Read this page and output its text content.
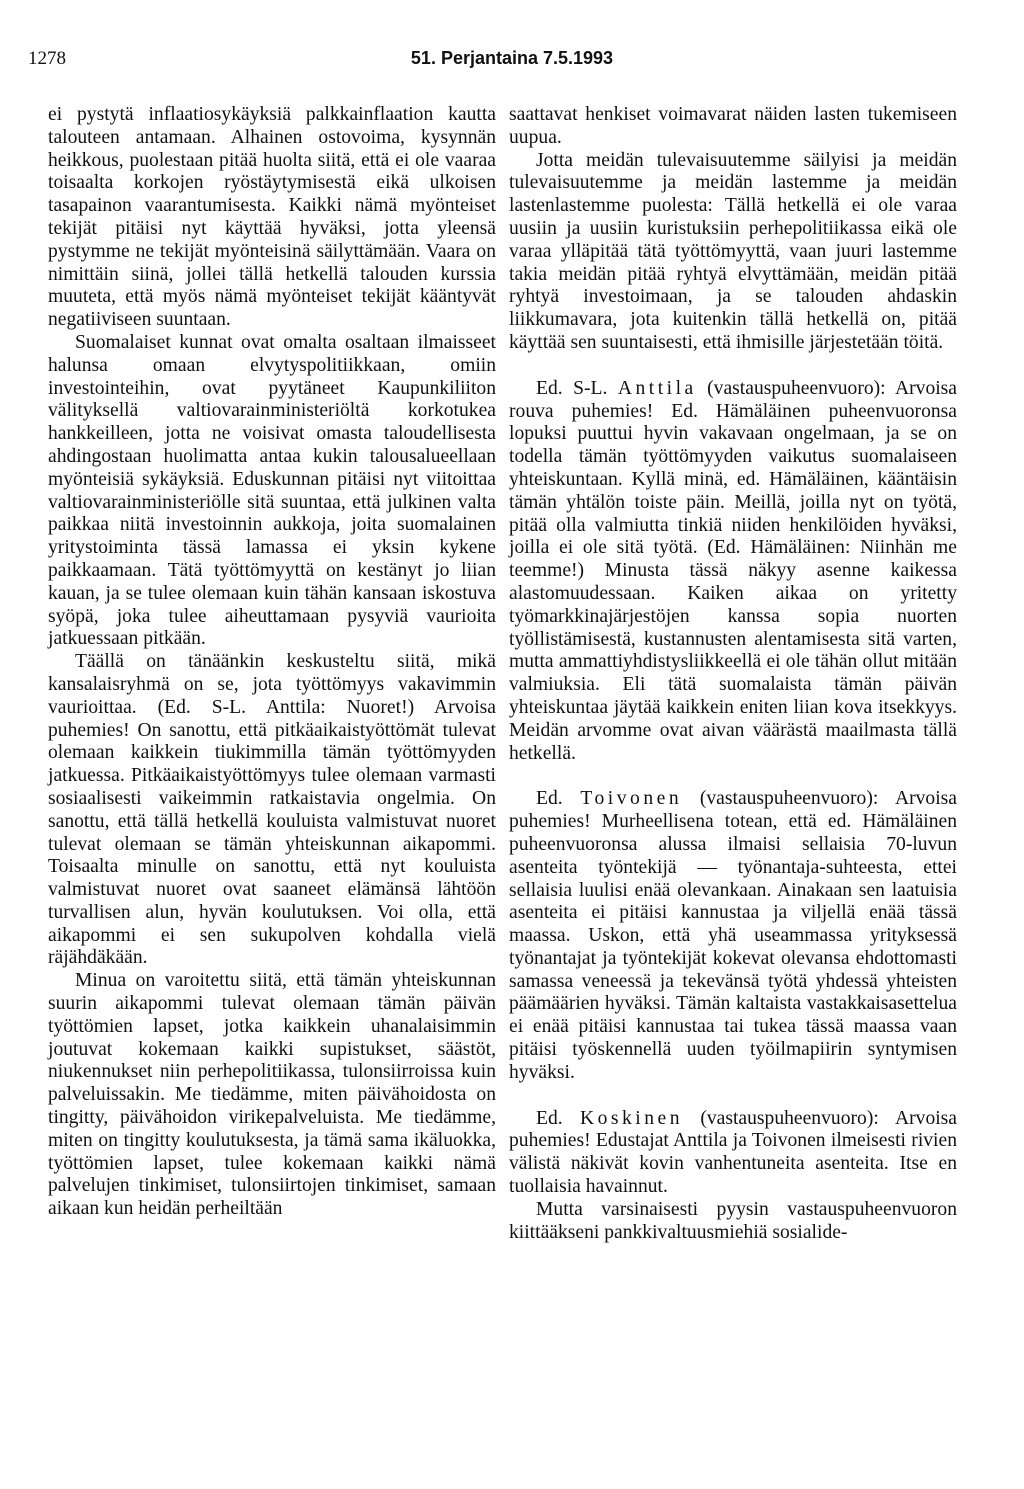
1278	51. Perjantaina 7.5.1993

ei pystytä inflaatiosykäyksiä palkkainflaation kautta talouteen antamaan. Alhainen ostovoima, kysynnän heikkous, puolestaan pitää huolta siitä, että ei ole vaaraa toisaalta korkojen ryöstäytymisestä eikä ulkoisen tasapainon vaarantumisesta. Kaikki nämä myönteiset tekijät pitäisi nyt käyttää hyväksi, jotta yleensä pystymme ne tekijät myönteisinä säilyttämään. Vaara on nimittäin siinä, jollei tällä hetkellä talouden kurssia muuteta, että myös nämä myönteiset tekijät kääntyvät negatiiviseen suuntaan.

Suomalaiset kunnat ovat omalta osaltaan ilmaisseet halunsa omaan elvytyspolitiikkaan, omiin investointeihin, ovat pyytäneet Kaupunkiliiton välityksellä valtiovarainministeriöltä korkotukea hankkeilleen, jotta ne voisivat omasta taloudellisesta ahdingostaan huolimatta antaa kukin talousalueellaan myönteisiä sykäyksiä. Eduskunnan pitäisi nyt viitoittaa valtiovarainministeriölle sitä suuntaa, että julkinen valta paikkaa niitä investoinnin aukkoja, joita suomalainen yritystoiminta tässä lamassa ei yksin kykene paikkaamaan. Tätä työttömyyttä on kestänyt jo liian kauan, ja se tulee olemaan kuin tähän kansaan iskostuva syöpä, joka tulee aiheuttamaan pysyviä vaurioita jatkuessaan pitkään.

Täällä on tänäänkin keskusteltu siitä, mikä kansalaisryhmä on se, jota työttömyys vakavimmin vaurioittaa. (Ed. S-L. Anttila: Nuoret!) Arvoisa puhemies! On sanottu, että pitkäaikaistyöttömät tulevat olemaan kaikkein tiukimmilla tämän työttömyyden jatkuessa. Pitkäaikaistyöttömyys tulee olemaan varmasti sosiaalisesti vaikeimmin ratkaistavia ongelmia. On sanottu, että tällä hetkellä kouluista valmistuvat nuoret tulevat olemaan se tämän yhteiskunnan aikapommi. Toisaalta minulle on sanottu, että nyt kouluista valmistuvat nuoret ovat saaneet elämänsä lähtöön turvallisen alun, hyvän koulutuksen. Voi olla, että aikapommi ei sen sukupolven kohdalla vielä räjähdäkään.

Minua on varoitettu siitä, että tämän yhteiskunnan suurin aikapommi tulevat olemaan tämän päivän työttömien lapset, jotka kaikkein uhanalaisimmin joutuvat kokemaan kaikki supistukset, säästöt, niukennukset niin perhepolitiikassa, tulonsiirroissa kuin palveluissakin. Me tiedämme, miten päivähoidosta on tingitty, päivähoidon virikepalveluista. Me tiedämme, miten on tingitty koulutuksesta, ja tämä sama ikäluokka, työttömien lapset, tulee kokemaan kaikki nämä palvelujen tinkimiset, tulonsiirtojen tinkimiset, samaan aikaan kun heidän perheiltään

saattavat henkiset voimavarat näiden lasten tukemiseen uupua.

Jotta meidän tulevaisuutemme säilyisi ja meidän tulevaisuutemme ja meidän lastemme ja meidän lastenlastemme puolesta: Tällä hetkellä ei ole varaa uusiin ja uusiin kuristuksiin perhepolitiikassa eikä ole varaa ylläpitää tätä työttömyyttä, vaan juuri lastemme takia meidän pitää ryhtyä elvyttämään, meidän pitää ryhtyä investoimaan, ja se talouden ahdaskin liikkumavara, jota kuitenkin tällä hetkellä on, pitää käyttää sen suuntaisesti, että ihmisille järjestetään töitä.

Ed. S-L. Anttila (vastauspuheenvuoro): Arvoisa rouva puhemies! Ed. Hämäläinen puheenvuoronsa lopuksi puuttui hyvin vakavaan ongelmaan, ja se on todella tämän työttömyyden vaikutus suomalaiseen yhteiskuntaan. Kyllä minä, ed. Hämäläinen, kääntäisin tämän yhtälön toiste päin. Meillä, joilla nyt on työtä, pitää olla valmiutta tinkiä niiden henkilöiden hyväksi, joilla ei ole sitä työtä. (Ed. Hämäläinen: Niinhän me teemme!) Minusta tässä näkyy asenne kaikessa alastomuudessaan. Kaiken aikaa on yritetty työmarkkinajärjestöjen kanssa sopia nuorten työllistämisestä, kustannusten alentamisesta sitä varten, mutta ammattiyhdistysliikkeellä ei ole tähän ollut mitään valmiuksia. Eli tätä suomalaista tämän päivän yhteiskuntaa jäytää kaikkein eniten liian kova itsekkyys. Meidän arvomme ovat aivan väärästä maailmasta tällä hetkellä.

Ed. Toivonen (vastauspuheenvuoro): Arvoisa puhemies! Murheellisena totean, että ed. Hämäläinen puheenvuoronsa alussa ilmaisi sellaisia 70-luvun asenteita työntekijä — työnantaja-suhteesta, ettei sellaisia luulisi enää olevankaan. Ainakaan sen laatuisia asenteita ei pitäisi kannustaa ja viljellä enää tässä maassa. Uskon, että yhä useammassa yrityksessä työnantajat ja työntekijät kokevat olevansa ehdottomasti samassa veneessä ja tekevänsä työtä yhdessä yhteisten päämäärien hyväksi. Tämän kaltaista vastakkaisasettelua ei enää pitäisi kannustaa tai tukea tässä maassa vaan pitäisi työskennellä uuden työilmapiirin syntymisen hyväksi.

Ed. Koskinen (vastauspuheenvuoro): Arvoisa puhemies! Edustajat Anttila ja Toivonen ilmeisesti rivien välistä näkivät kovin vanhentuneita asenteita. Itse en tuollaisia havainnut.

Mutta varsinaisesti pyysin vastauspuheenvuoron kiittääkseni pankkivaltuusmiehiä sosialide-
